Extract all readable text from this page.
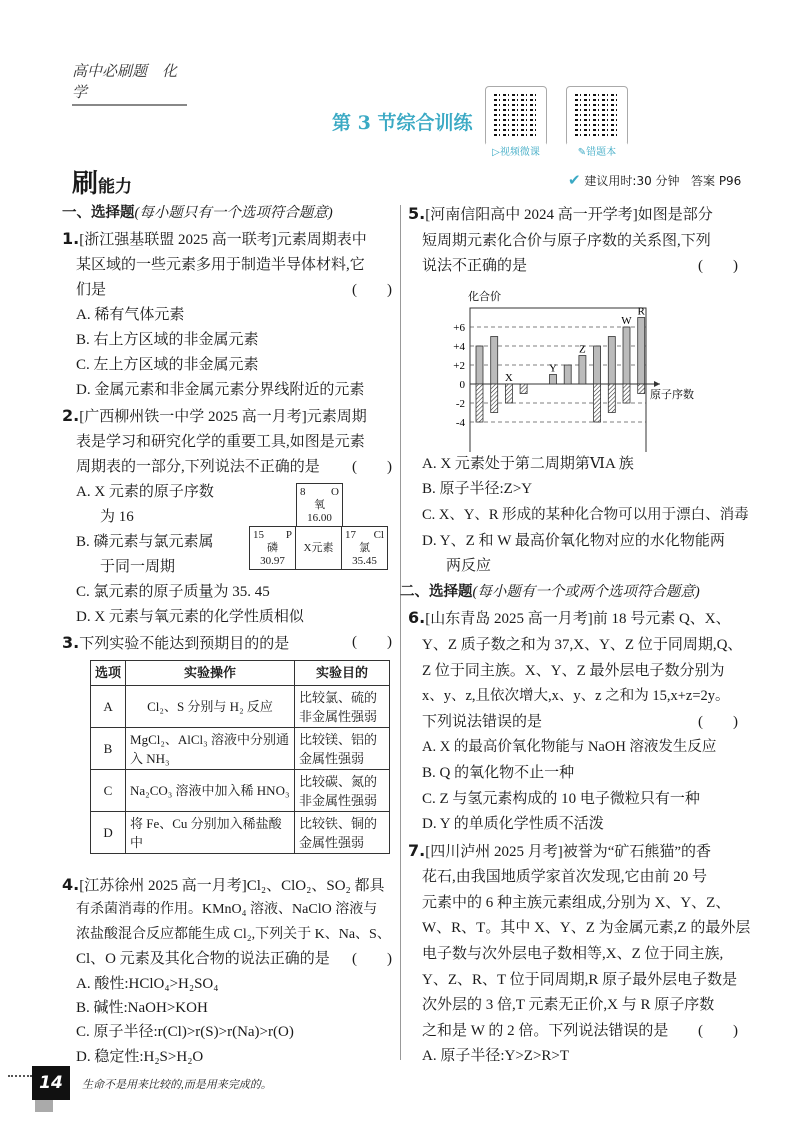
高中必刷题　化学
第 3 节综合训练
▷视频微课	✎错题本
刷能力	✔ 建议用时:30 分钟 答案 P96
一、选择题(每小题只有一个选项符合题意)
1.[浙江强基联盟 2025 高一联考]元素周期表中
某区域的一些元素多用于制造半导体材料,它
们是	(　　)
A. 稀有气体元素
B. 右上方区域的非金属元素
C. 左上方区域的非金属元素
D. 金属元素和非金属元素分界线附近的元素
2.[广西柳州铁一中学 2025 高一月考]元素周期
表是学习和研究化学的重要工具,如图是元素
周期表的一部分,下列说法不正确的是 (　　)
A. X 元素的原子序数
为 16
B. 磷元素与氯元素属
于同一周期
C. 氯元素的原子质量为 35. 45
D. X 元素与氧元素的化学性质相似
8 O
氧
16.00
15 P
磷
30.97
X元素
17 Cl
氯
35.45
3.下列实验不能达到预期目的的是	(　　)
选项	实验操作	实验目的
A	Cl₂、S 分别与 H₂ 反应	比较氯、硫的非金属性强弱
B	MgCl₂、AlCl₃ 溶液中分别通入 NH₃	比较镁、铝的金属性强弱
C	Na₂CO₃ 溶液中加入稀 HNO₃	比较碳、氮的非金属性强弱
D	将 Fe、Cu 分别加入稀盐酸中	比较铁、铜的金属性强弱
4.[江苏徐州 2025 高一月考]Cl₂、ClO₂、SO₂ 都具
有杀菌消毒的作用。KMnO₄ 溶液、NaClO 溶液与
浓盐酸混合反应都能生成 Cl₂,下列关于 K、Na、S、
Cl、O 元素及其化合物的说法正确的是 (　　)
A. 酸性:HClO₄>H₂SO₄
B. 碱性:NaOH>KOH
C. 原子半径:r(Cl)>r(S)>r(Na)>r(O)
D. 稳定性:H₂S>H₂O
5.[河南信阳高中 2024 高一开学考]如图是部分
短周期元素化合价与原子序数的关系图,下列
说法不正确的是	(　　)
化合价
+6
+4
+2
0
-2
-4
原子序数
X
Y
Z
W
R
A. X 元素处于第二周期第ⅥA 族
B. 原子半径:Z>Y
C. X、Y、R 形成的某种化合物可以用于漂白、消毒
D. Y、Z 和 W 最高价氧化物对应的水化物能两
两反应
二、选择题(每小题有一个或两个选项符合题意)
6.[山东青岛 2025 高一月考]前 18 号元素 Q、X、
Y、Z 质子数之和为 37,X、Y、Z 位于同周期,Q、
Z 位于同主族。X、Y、Z 最外层电子数分别为
x、y、z,且依次增大,x、y、z 之和为 15,x+z=2y。
下列说法错误的是	(　　)
A. X 的最高价氧化物能与 NaOH 溶液发生反应
B. Q 的氧化物不止一种
C. Z 与氢元素构成的 10 电子微粒只有一种
D. Y 的单质化学性质不活泼
7.[四川泸州 2025 月考]被誉为“矿石熊猫”的香
花石,由我国地质学家首次发现,它由前 20 号
元素中的 6 种主族元素组成,分别为 X、Y、Z、
W、R、T。其中 X、Y、Z 为金属元素,Z 的最外层
电子数与次外层电子数相等,X、Z 位于同主族,
Y、Z、R、T 位于同周期,R 原子最外层电子数是
次外层的 3 倍,T 元素无正价,X 与 R 原子序数
之和是 W 的 2 倍。下列说法错误的是 (　　)
A. 原子半径:Y>Z>R>T
14	生命不是用来比较的,而是用来完成的。
